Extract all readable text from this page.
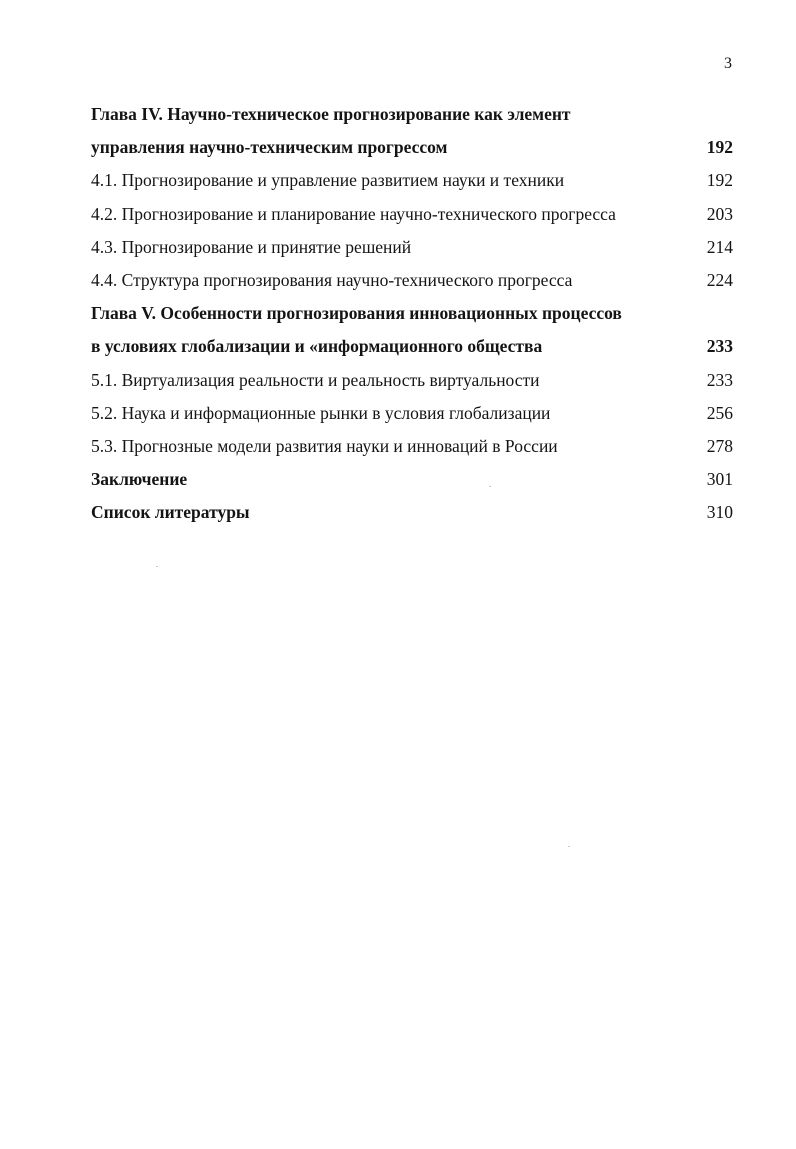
3
Глава IV. Научно-техническое прогнозирование как элемент
управления научно-техническим прогрессом	192
4.1. Прогнозирование и управление развитием науки и техники	192
4.2. Прогнозирование и планирование научно-технического прогресса	203
4.3. Прогнозирование и принятие решений	214
4.4. Структура прогнозирования научно-технического прогресса	224
Глава V. Особенности прогнозирования инновационных процессов
в условиях глобализации и «информационного общества	233
5.1. Виртуализация реальности и реальность виртуальности	233
5.2. Наука и информационные рынки в условия глобализации	256
5.3. Прогнозные модели развития науки и инноваций в России	278
Заключение	301
Список литературы	310
